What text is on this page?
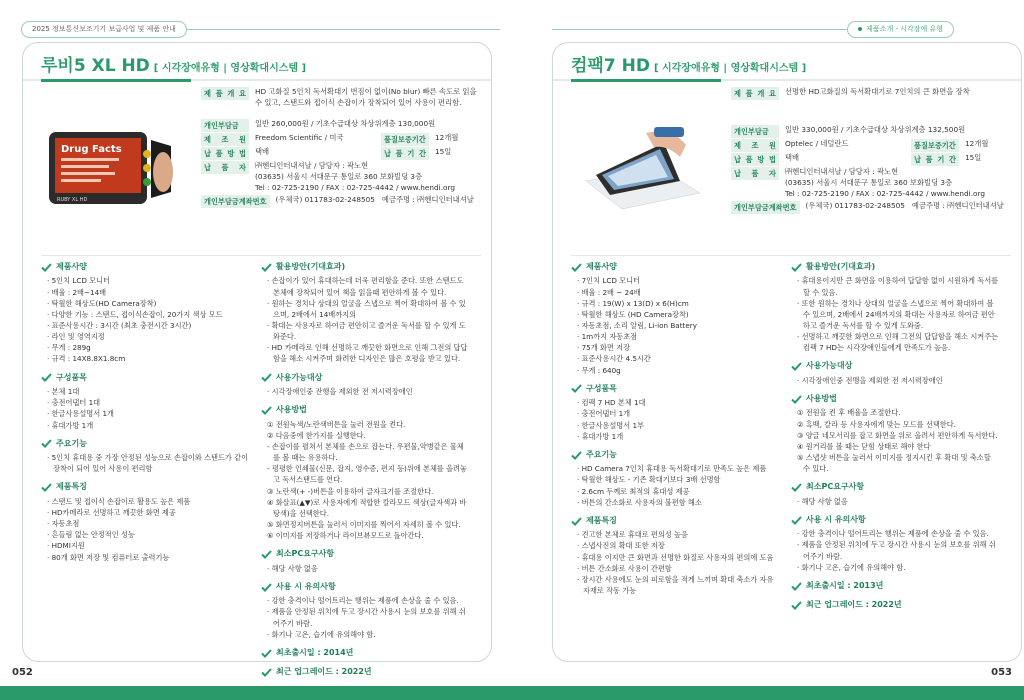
2025 정보통신보조기기 보급사업 및 제품 안내	제품소개 - 시각장애 유형
루비5 XL HD [ 시각장애유형 | 영상확대시스템 ]
Drug Facts
RUBY XL HD
제 품 개 요	HD 고화질 5인치 독서확대기 번짐이 없이(No blur) 빠른 속도로 읽을 수 있고, 스탠드와 접이식 손잡이가 장착되어 있어 사용이 편리함.
개인부담금	일반 260,000원 / 기초수급대상 차상위계층 130,000원
제 조 원	Freedom Scientific / 미국	품질보증기간	12개월
납 품 방 법	택배	납 품 기 간	15일
납 품 자	㈜헨디인터내셔날 / 담당자 : 곽노현
(03635) 서울시 서대문구 통일로 360 보화빌딩 3층
Tel : 02-725-2190 / FAX : 02-725-4442 / www.hendi.org
개인부담금계좌번호	(우체국) 011783-02-248505 예금주명 : ㈜헨디인터내셔날
제품사양
· 5인치 LCD 모니터
· 배율 : 2배~14배
· 탁월한 해상도(HD Camera장착)
· 다양한 기능 : 스탠드, 접이식손잡이, 20가지 색상 모드
· 표준사용시간 : 3시간 (최초 충전시간 3시간)
· 라인 및 영역지정
· 무게 : 289g
· 규격 : 14X8.8X1.8cm
구성품목
· 본체 1대
· 충전어댑터 1대
· 한글사용설명서 1개
· 휴대가방 1개
주요기능
· 5인치 휴대용 중 가장 안정된 성능으로 손잡이와 스탠드가 같이 장착이 되어 있어 사용이 편리함
제품특징
· 스탠드 및 접이식 손잡이로 활용도 높은 제품
· HD카메라로 선명하고 깨끗한 화면 제공
· 자동초점
· 흔들림 없는 안정적인 성능
· HDMI지원
· 80개 화면 저장 및 컴퓨터로 출력기능
활용방안(기대효과)
· 손잡이가 있어 휴대하는데 더욱 편리함을 준다. 또한 스탠드도 본체에 장착되어 있어 책을 읽을때 편안하게 볼 수 있다.
· 원하는 경치나 상대의 얼굴을 스냅으로 찍어 확대하여 볼 수 있으며, 2배에서 14배까지의
· 확대는 사용자로 하여금 편안히고 즐거운 독서를 할 수 있게 도와준다.
· HD 카메라로 인해 선명하고 깨끗한 화면으로 인해 그전의 답답함을 해소 시켜주며 화려한 디자인은 많은 호평을 받고 있다.
사용가능대상
· 시각장애인중 잔행을 제외한 전 저시력장애인
사용방법
① 전원녹색/노란색버튼을 눌러 전원을 켠다.
② 다음중에 한가지를 실행한다.
- 손잡이를 펼쳐서 본체를 손으로 잡는다. 우편물,약병같은 물체를 볼 때는 유용하다.
- 평평한 인쇄물(신문, 잡지, 영수증, 편지 등)위에 본체를 올려놓고 독서스탠드를 연다.
③ 노란색(+ -)버튼을 이용하여 글자크기를 조절한다.
④ 화살표(▲▼)로 사용자에게 적합한 칼라모드 색상(글자색과 바탕색)을 선택한다.
⑤ 화면정지버튼을 눌러서 이미지를 찍어서 자세히 볼 수 있다.
⑥ 이미지를 저장하거나 라이브뷰모드로 돌아간다.
최소PC요구사항
· 해당 사항 없음
사용 시 유의사항
· 강한 충격이나 떨어트리는 행위는 제품에 손상을 줄 수 있음.
· 제품을 안정된 위치에 두고 장시간 사용시 눈의 보호를 위해 쉬어주기 바람.
· 화기나 고온, 습기에 유의해야 함.
최초출시일 : 2014년
최근 업그레이드 : 2022년
컴팩7 HD [ 시각장애유형 | 영상확대시스템 ]
제 품 개 요	선명한 HD고화질의 독서확대기로 7인치의 큰 화면을 장착
개인부담금	일반 330,000원 / 기초수급대상 차상위계층 132,500원
제 조 원	Optelec / 네덜란드	품질보증기간	12개월
납 품 방 법	택배	납 품 기 간	15일
납 품 자	㈜헨디인터내셔날 / 담당자 : 곽노현
(03635) 서울시 서대문구 통일로 360 보화빌딩 3층
Tel : 02-725-2190 / FAX : 02-725-4442 / www.hendi.org
개인부담금계좌번호	(우체국) 011783-02-248505 예금주명 : ㈜헨디인터내셔날
제품사양
· 7인치 LCD 모니터
· 배율 : 2배 ~ 24배
· 규격 : 19(W) x 13(D) x 6(H)cm
· 탁월한 해상도 (HD Camera장착)
· 자동초점, 소리 알림, Li-ion Battery
· 1m까지 자동초점
· 75개 화면 저장
· 표준사용시간 4.5시간
· 무게 : 640g
구성품목
· 컴팩 7 HD 본체 1대
· 충전어댑터 1개
· 한글사용설명서 1부
· 휴대가방 1개
주요기능
· HD Camera 7인치 휴대용 독서확대기로 만족도 높은 제품
· 탁월한 해상도 - 기존 확대기보다 3배 선명함
· 2.6cm 두께로 최적의 휴대성 제공
· 버튼의 간소화로 사용자의 불편함 해소
제품특징
· 견고한 본체로 휴대로 편의성 높음
· 스냅사진의 확대 또한 저장
· 휴대용 이지만 큰 화면과 선명한 화질로 사용자의 편의에 도움
· 버튼 간소화로 사용이 간편함
· 장시간 사용에도 눈의 피로함을 적게 느끼며 확대 축소가 자유 자재로 작동 가능
활용방안(기대효과)
· 휴대용이지만 큰 화면을 이용하여 답답함 없이 시원하게 독서를 할 수 있음.
· 또한 원하는 경치나 상대의 얼굴을 스냅으로 찍어 확대하여 볼 수 있으며, 2배에서 24배까지의 확대는 사용자로 하여금 편안하고 즐거운 독서를 할 수 있게 도와줌.
· 선명하고 깨끗한 화면으로 인해 그전의 답답함을 해소 시켜주는 컴팩 7 HD는 시각장애인들에게 만족도가 높음.
사용가능대상
· 시각장애인중 전맹을 제외한 전 저시력장애인
사용방법
① 전원을 켠 후 배율을 조절한다.
② 흑백, 칼라 등 사용자에게 맞는 모드를 선택한다.
③ 양글 네모서리를 잡고 화면을 위로 올려서 편안하게 독서한다.
④ 원거리를 볼 때는 닫힘 상태로 해야 한다
⑤ 스냅샷 버튼을 눌러서 이미지를 정지시킨 후 확대 및 축소할 수 있다.
최소PC요구사항
· 해당 사항 없음
사용 시 유의사항
· 강한 충격이나 떨어트리는 행위는 제품에 손상을 줄 수 있음.
· 제품을 안정된 위치에 두고 장시간 사용시 눈의 보호를 위해 쉬어주기 바람.
· 화기나 고온, 습기에 유의해야 함.
최초출시일 : 2013년
최근 업그레이드 : 2022년
052	053
